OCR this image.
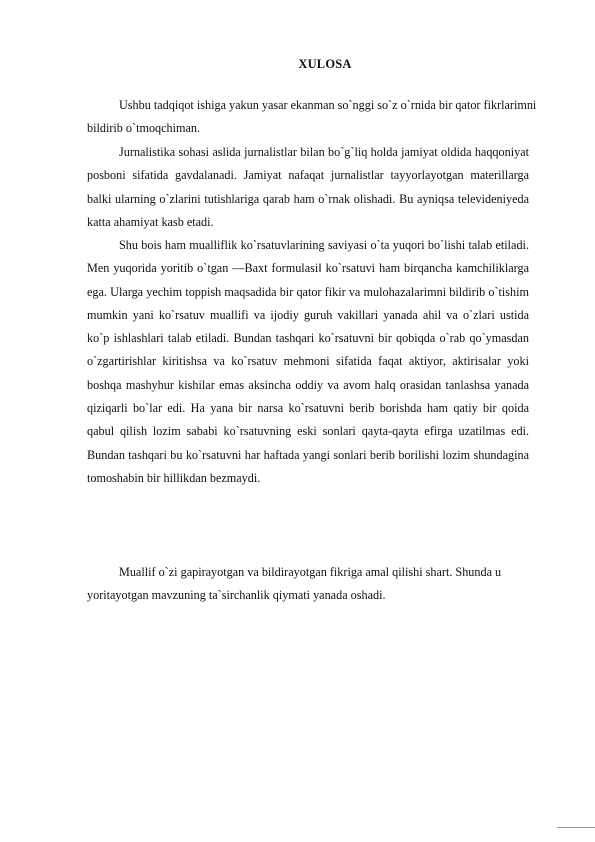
XULOSA

Ushbu tadqiqot ishiga yakun yasar ekanman so`nggi so`z o`rnida bir qator fikrlarimni bildirib o`tmoqchiman.

Jurnalistika sohasi aslida jurnalistlar bilan bo`g`liq holda jamiyat oldida haqqoniyat posboni sifatida gavdalanadi. Jamiyat nafaqat jurnalistlar tayyorlayotgan materillarga balki ularning o`zlarini tutishlariga qarab ham o`rnak olishadi. Bu ayniqsa televideniyeda katta ahamiyat kasb etadi.

Shu bois ham mualliflik ko`rsatuvlarining saviyasi o`ta yuqori bo`lishi talab etiladi. Men yuqorida yoritib o`tgan ―Baxt formulasi‖ ko`rsatuvi ham birqancha kamchiliklarga ega. Ularga yechim toppish maqsadida bir qator fikir va mulohazalarimni bildirib o`tishim mumkin yani ko`rsatuv muallifi va ijodiy guruh vakillari yanada ahil va o`zlari ustida ko`p ishlashlari talab etiladi. Bundan tashqari ko`rsatuvni bir qobiqda o`rab qo`ymasdan o`zgartirishlar kiritishsa va ko`rsatuv mehmoni sifatida faqat aktiyor, aktirisalar yoki boshqa mashyhur kishilar emas aksincha oddiy va avom halq orasidan tanlashsa yanada qiziqarli bo`lar edi. Ha yana bir narsa ko`rsatuvni berib borishda ham qatiy bir qoida qabul qilish lozim sababi ko`rsatuvning eski sonlari qayta-qayta efirga uzatilmas edi. Bundan tashqari bu ko`rsatuvni har haftada yangi sonlari berib borilishi lozim shundagina tomoshabin bir hillikdan bezmaydi.

Muallif o`zi gapirayotgan va bildirayotgan fikriga amal qilishi shart. Shunda u yoritayotgan mavzuning ta`sirchanlik qiymati yanada oshadi.
